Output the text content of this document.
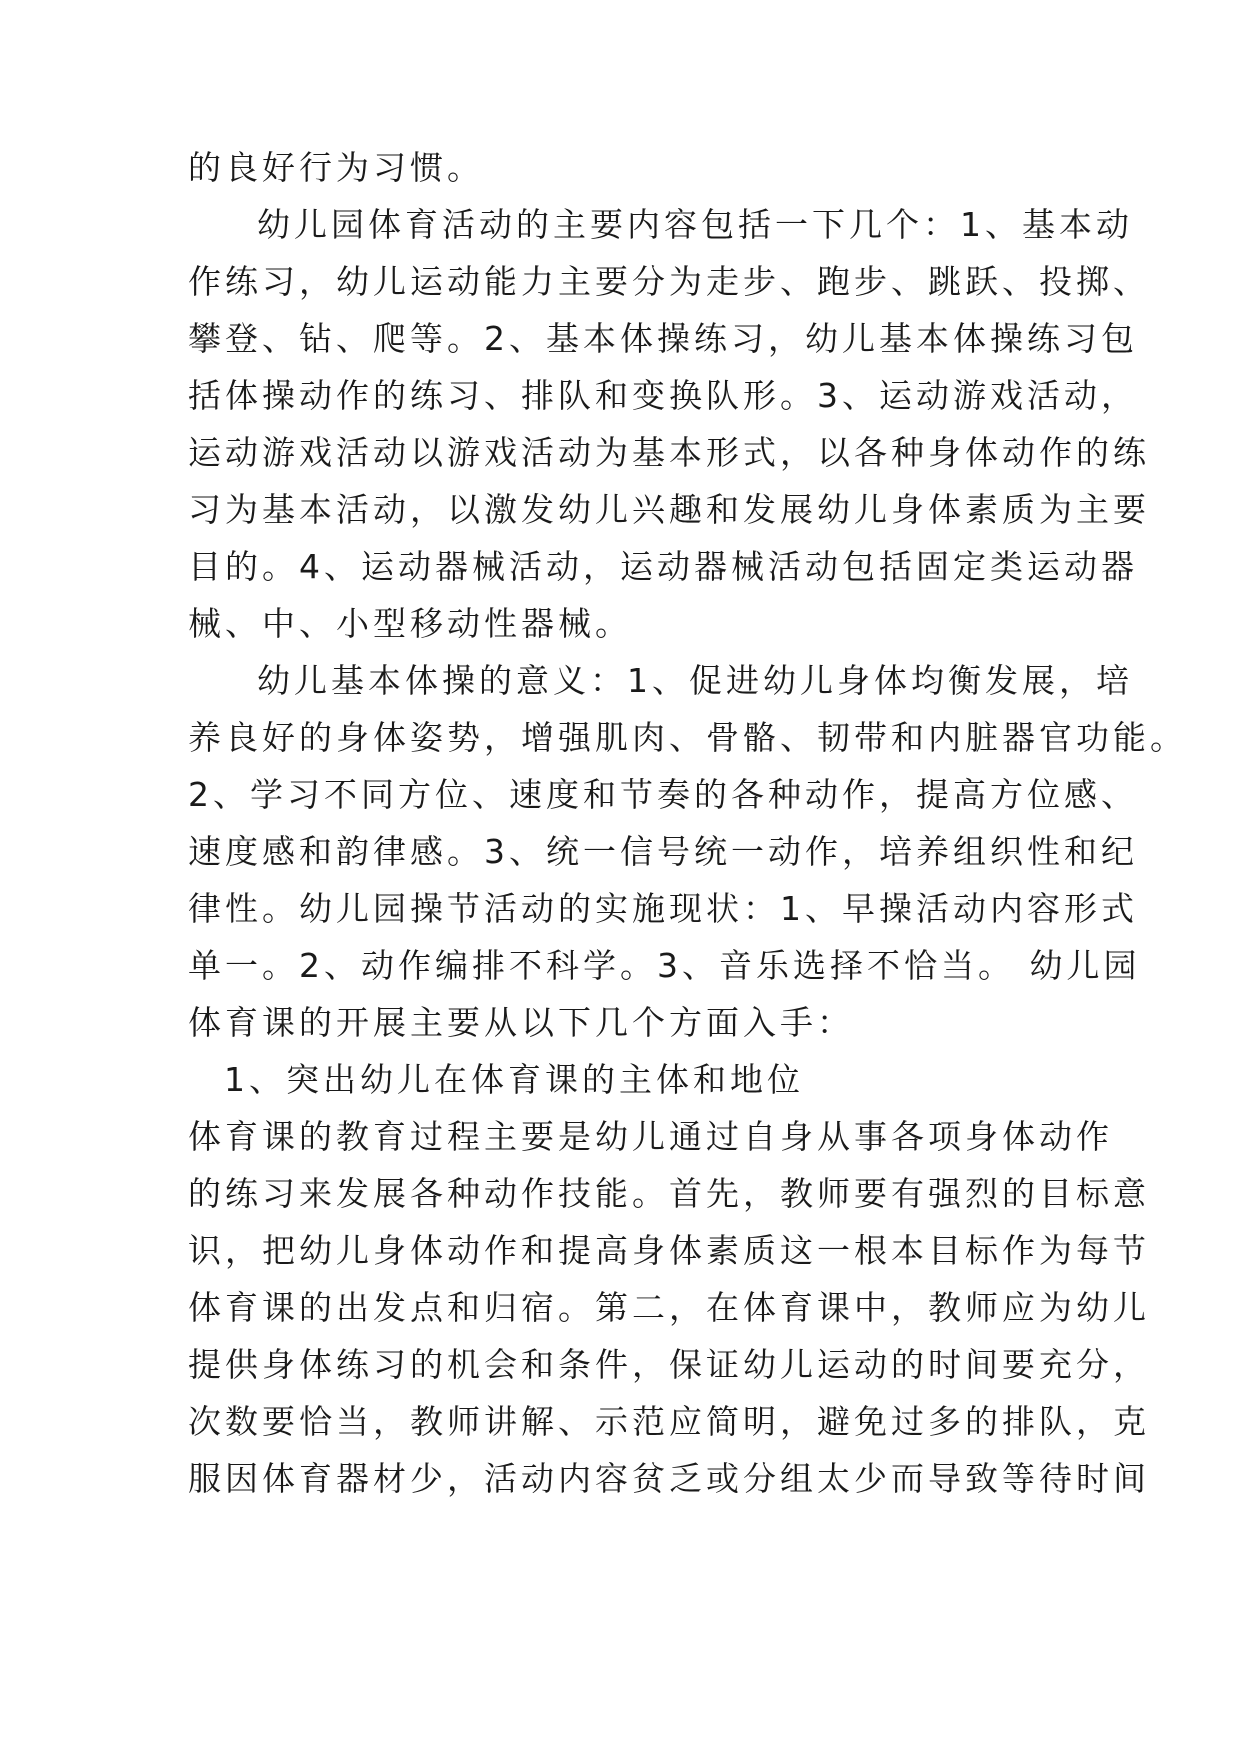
的良好行为习惯。
幼儿园体育活动的主要内容包括一下几个：1、基本动
作练习，幼儿运动能力主要分为走步、跑步、跳跃、投掷、
攀登、钻、爬等。2、基本体操练习，幼儿基本体操练习包
括体操动作的练习、排队和变换队形。3、运动游戏活动，
运动游戏活动以游戏活动为基本形式，以各种身体动作的练
习为基本活动，以激发幼儿兴趣和发展幼儿身体素质为主要
目的。4、运动器械活动，运动器械活动包括固定类运动器
械、中、小型移动性器械。
幼儿基本体操的意义：1、促进幼儿身体均衡发展，培
养良好的身体姿势，增强肌肉、骨骼、韧带和内脏器官功能。
2、学习不同方位、速度和节奏的各种动作，提高方位感、
速度感和韵律感。3、统一信号统一动作，培养组织性和纪
律性。幼儿园操节活动的实施现状：1、早操活动内容形式
单一。2、动作编排不科学。3、音乐选择不恰当。 幼儿园
体育课的开展主要从以下几个方面入手：
1、突出幼儿在体育课的主体和地位
体育课的教育过程主要是幼儿通过自身从事各项身体动作
的练习来发展各种动作技能。首先，教师要有强烈的目标意
识，把幼儿身体动作和提高身体素质这一根本目标作为每节
体育课的出发点和归宿。第二，在体育课中，教师应为幼儿
提供身体练习的机会和条件，保证幼儿运动的时间要充分，
次数要恰当，教师讲解、示范应简明，避免过多的排队，克
服因体育器材少，活动内容贫乏或分组太少而导致等待时间
